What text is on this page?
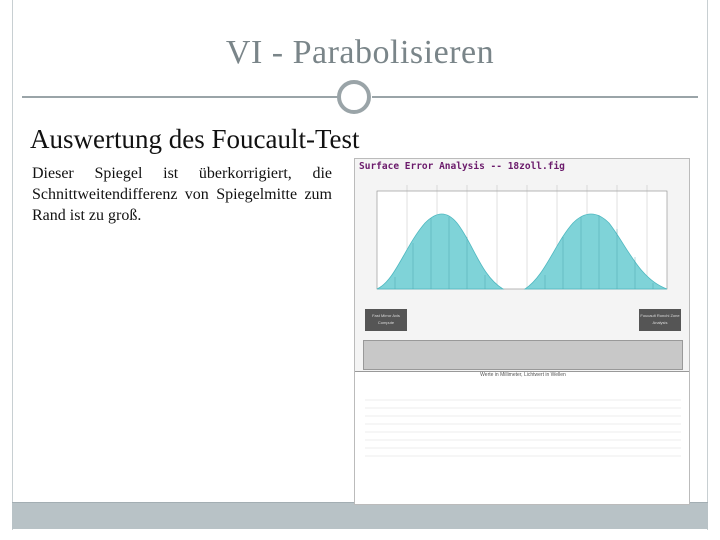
VI - Parabolisieren
Auswertung des Foucault-Test
Dieser Spiegel ist überkorrigiert, die Schnittweitendifferenz von Spiegelmitte zum Rand ist zu groß.
Surface Error Analysis -- 18zoll.fig
Fast Mirror Axis Compute
Foucault Ronchi Zone Analysis
Werte in Millimeter, Lichtwert in Wellen
